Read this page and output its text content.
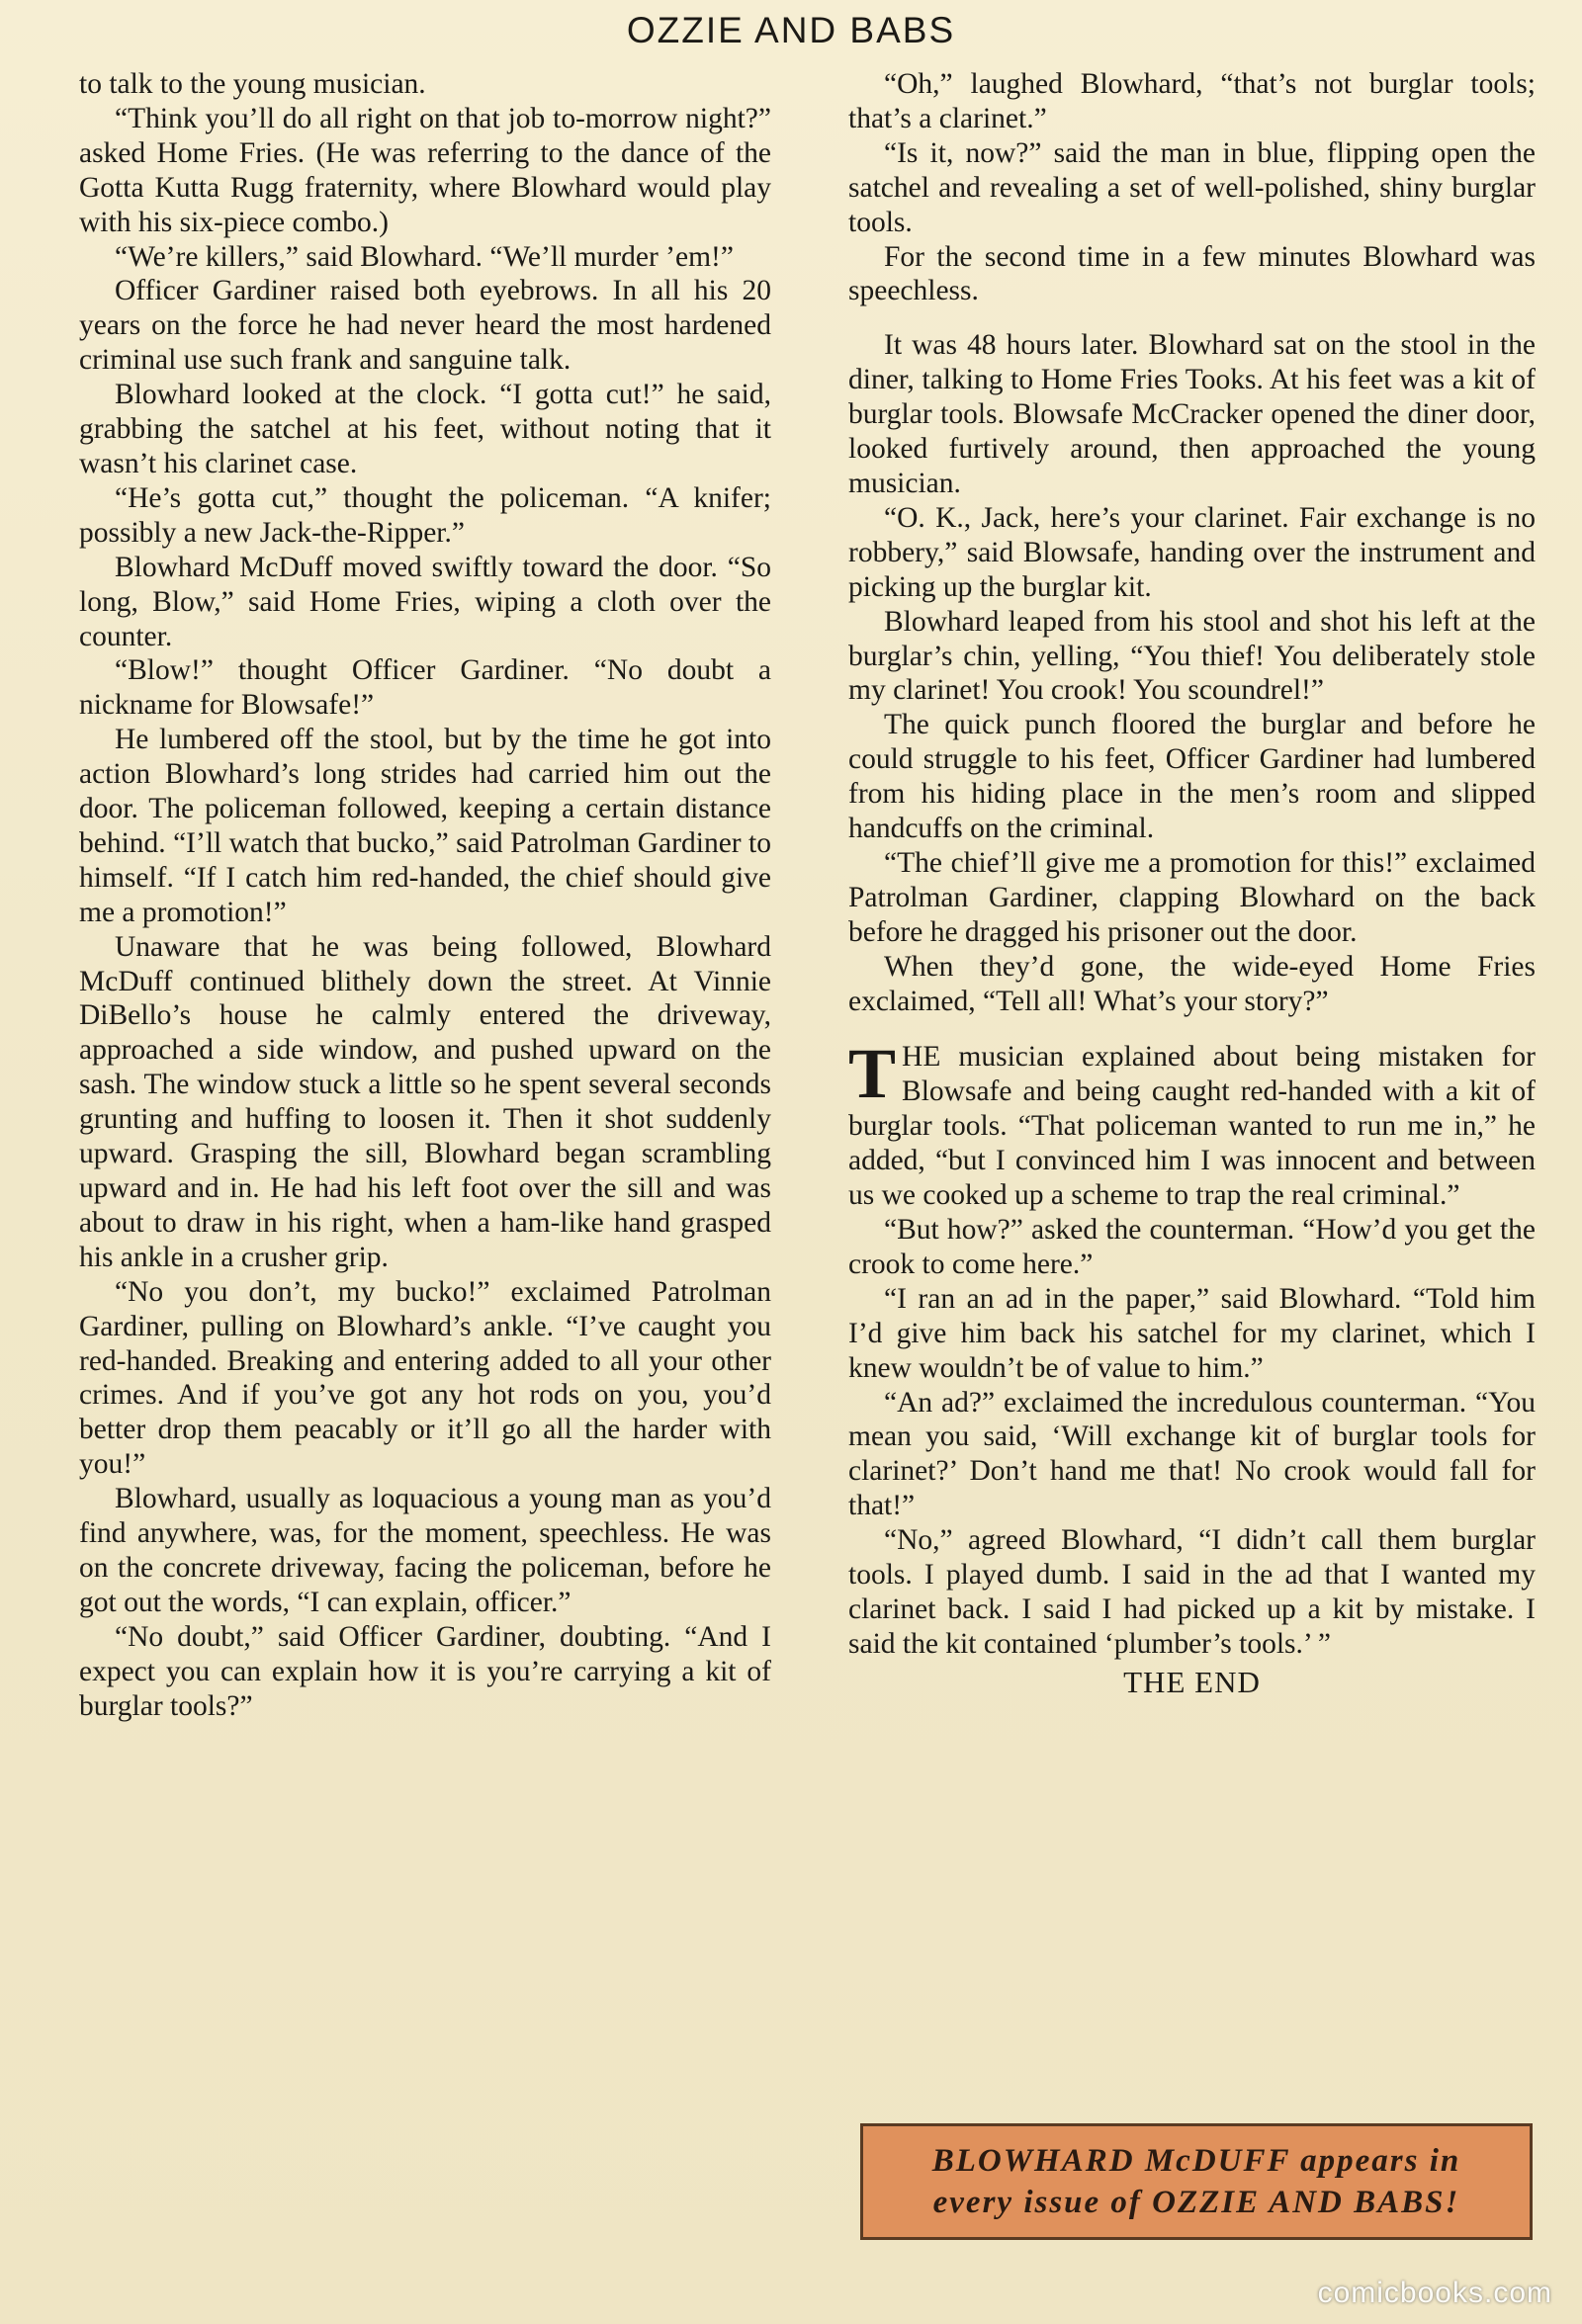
OZZIE AND BABS

to talk to the young musician.

“Think you’ll do all right on that job to-morrow night?” asked Home Fries. (He was referring to the dance of the Gotta Kutta Rugg fraternity, where Blowhard would play with his six-piece combo.)

“We’re killers,” said Blowhard. “We’ll murder ’em!”

Officer Gardiner raised both eyebrows. In all his 20 years on the force he had never heard the most hardened criminal use such frank and sanguine talk.

Blowhard looked at the clock. “I gotta cut!” he said, grabbing the satchel at his feet, without noting that it wasn’t his clarinet case.

“He’s gotta cut,” thought the policeman. “A knifer; possibly a new Jack-the-Ripper.”

Blowhard McDuff moved swiftly toward the door. “So long, Blow,” said Home Fries, wiping a cloth over the counter.

“Blow!” thought Officer Gardiner. “No doubt a nickname for Blowsafe!”

He lumbered off the stool, but by the time he got into action Blowhard’s long strides had carried him out the door. The policeman followed, keeping a certain distance behind. “I’ll watch that bucko,” said Patrolman Gardiner to himself. “If I catch him red-handed, the chief should give me a promotion!”

Unaware that he was being followed, Blowhard McDuff continued blithely down the street. At Vinnie DiBello’s house he calmly entered the driveway, approached a side window, and pushed upward on the sash. The window stuck a little so he spent several seconds grunting and huffing to loosen it. Then it shot suddenly upward. Grasping the sill, Blowhard began scrambling upward and in. He had his left foot over the sill and was about to draw in his right, when a ham-like hand grasped his ankle in a crusher grip.

“No you don’t, my bucko!” exclaimed Patrolman Gardiner, pulling on Blowhard’s ankle. “I’ve caught you red-handed. Breaking and entering added to all your other crimes. And if you’ve got any hot rods on you, you’d better drop them peacably or it’ll go all the harder with you!”

Blowhard, usually as loquacious a young man as you’d find anywhere, was, for the moment, speechless. He was on the concrete driveway, facing the policeman, before he got out the words, “I can explain, officer.”

“No doubt,” said Officer Gardiner, doubting. “And I expect you can explain how it is you’re carrying a kit of burglar tools?”

“Oh,” laughed Blowhard, “that’s not burglar tools; that’s a clarinet.”

“Is it, now?” said the man in blue, flipping open the satchel and revealing a set of well-polished, shiny burglar tools.

For the second time in a few minutes Blowhard was speechless.

It was 48 hours later. Blowhard sat on the stool in the diner, talking to Home Fries Tooks. At his feet was a kit of burglar tools. Blowsafe McCracker opened the diner door, looked furtively around, then approached the young musician.

“O. K., Jack, here’s your clarinet. Fair exchange is no robbery,” said Blowsafe, handing over the instrument and picking up the burglar kit.

Blowhard leaped from his stool and shot his left at the burglar’s chin, yelling, “You thief! You deliberately stole my clarinet! You crook! You scoundrel!”

The quick punch floored the burglar and before he could struggle to his feet, Officer Gardiner had lumbered from his hiding place in the men’s room and slipped handcuffs on the criminal.

“The chief’ll give me a promotion for this!” exclaimed Patrolman Gardiner, clapping Blowhard on the back before he dragged his prisoner out the door.

When they’d gone, the wide-eyed Home Fries exclaimed, “Tell all! What’s your story?”

THE musician explained about being mistaken for Blowsafe and being caught red-handed with a kit of burglar tools. “That policeman wanted to run me in,” he added, “but I convinced him I was innocent and between us we cooked up a scheme to trap the real criminal.”

“But how?” asked the counterman. “How’d you get the crook to come here.”

“I ran an ad in the paper,” said Blowhard. “Told him I’d give him back his satchel for my clarinet, which I knew wouldn’t be of value to him.”

“An ad?” exclaimed the incredulous counterman. “You mean you said, ‘Will exchange kit of burglar tools for clarinet?’ Don’t hand me that! No crook would fall for that!”

“No,” agreed Blowhard, “I didn’t call them burglar tools. I played dumb. I said in the ad that I wanted my clarinet back. I said I had picked up a kit by mistake. I said the kit contained ‘plumber’s tools.’ ”

THE END

BLOWHARD McDUFF appears in
every issue of OZZIE AND BABS!
comicbooks.com
